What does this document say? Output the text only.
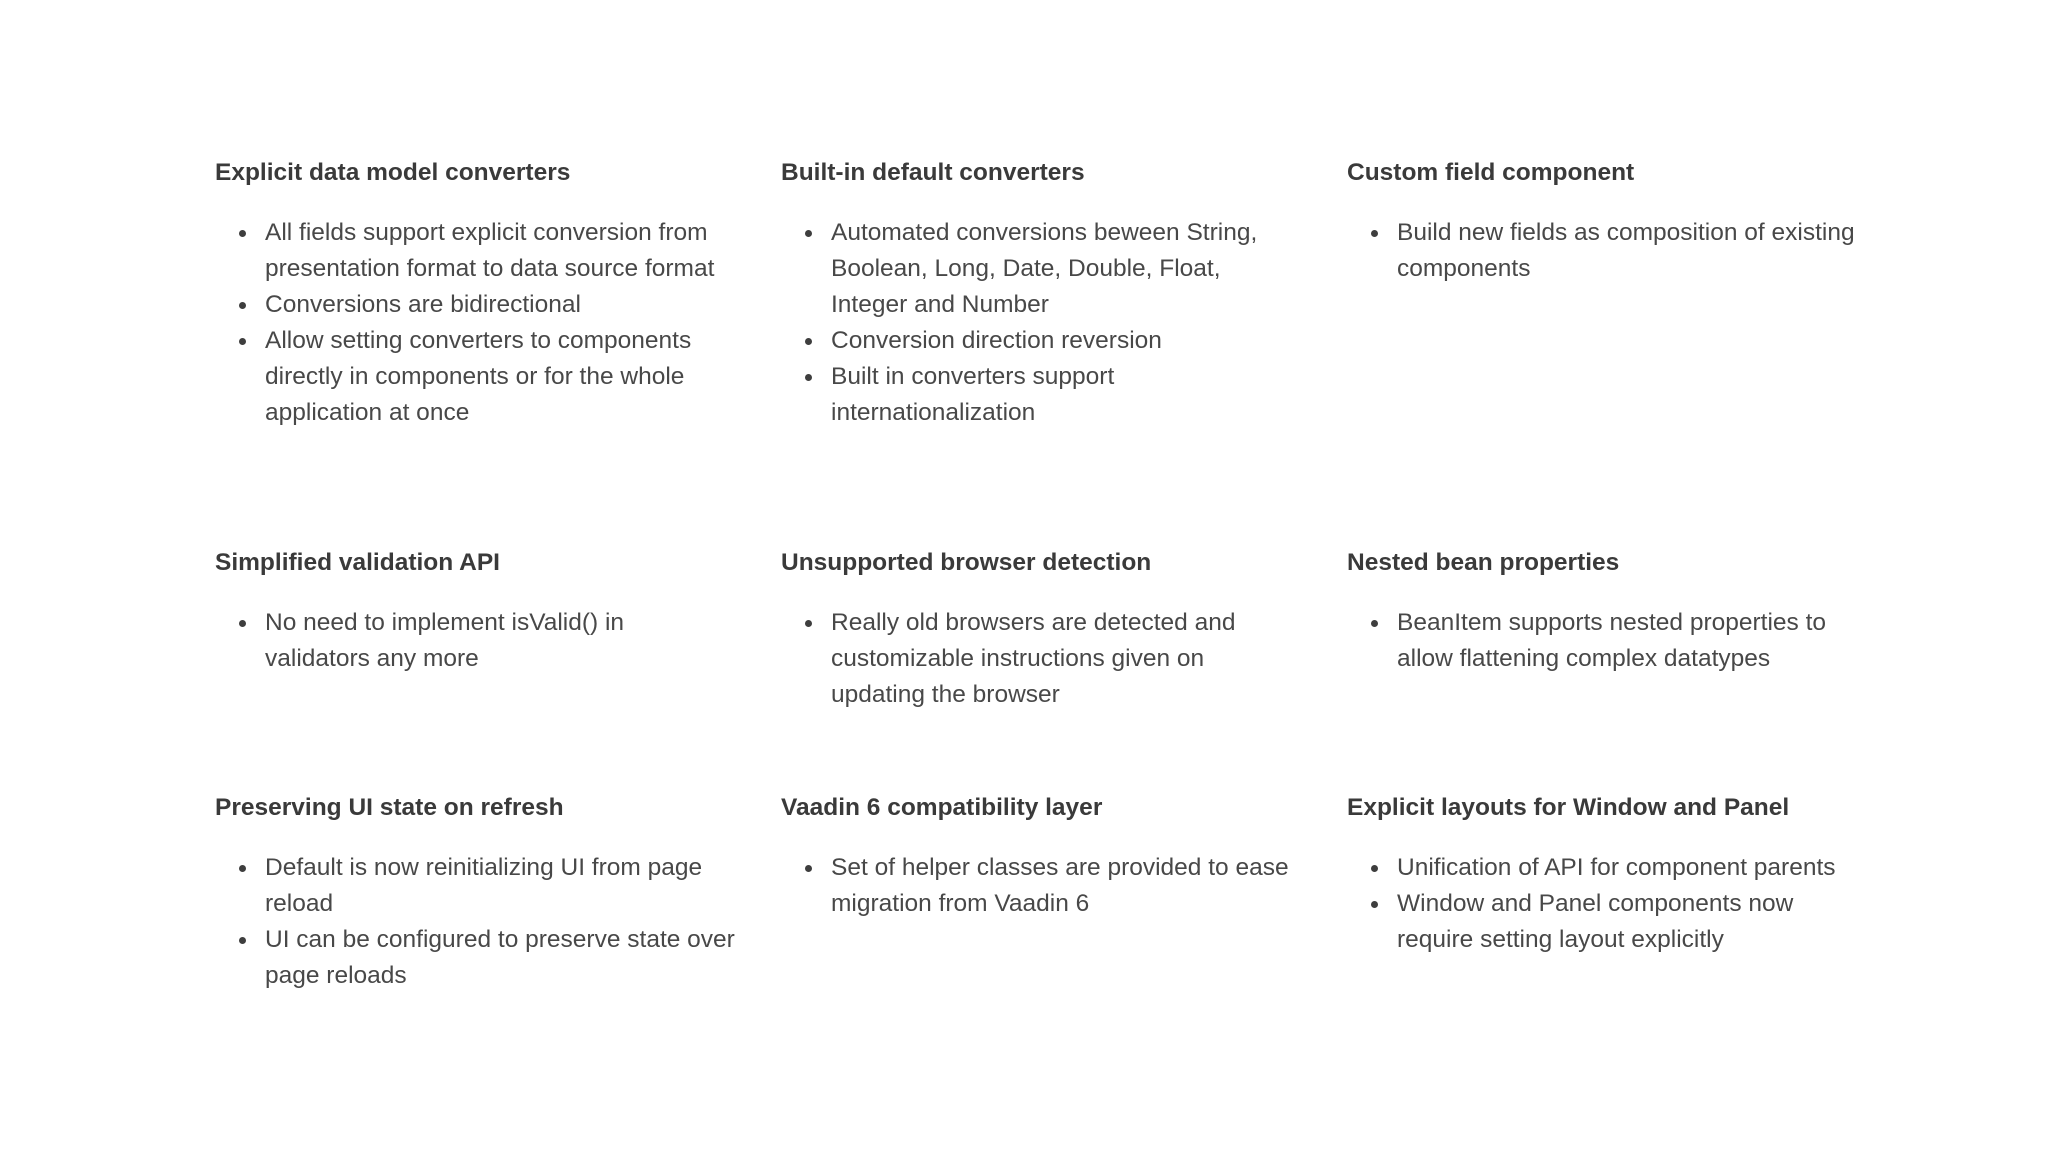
Explicit data model converters
All fields support explicit conversion from presentation format to data source format
Conversions are bidirectional
Allow setting converters to components directly in components or for the whole application at once
Built-in default converters
Automated conversions beween String, Boolean, Long, Date, Double, Float, Integer and Number
Conversion direction reversion
Built in converters support internationalization
Custom field component
Build new fields as composition of existing components
Simplified validation API
No need to implement isValid() in validators any more
Unsupported browser detection
Really old browsers are detected and customizable instructions given on updating the browser
Nested bean properties
BeanItem supports nested properties to allow flattening complex datatypes
Preserving UI state on refresh
Default is now reinitializing UI from page reload
UI can be configured to preserve state over page reloads
Vaadin 6 compatibility layer
Set of helper classes are provided to ease migration from Vaadin 6
Explicit layouts for Window and Panel
Unification of API for component parents
Window and Panel components now require setting layout explicitly
